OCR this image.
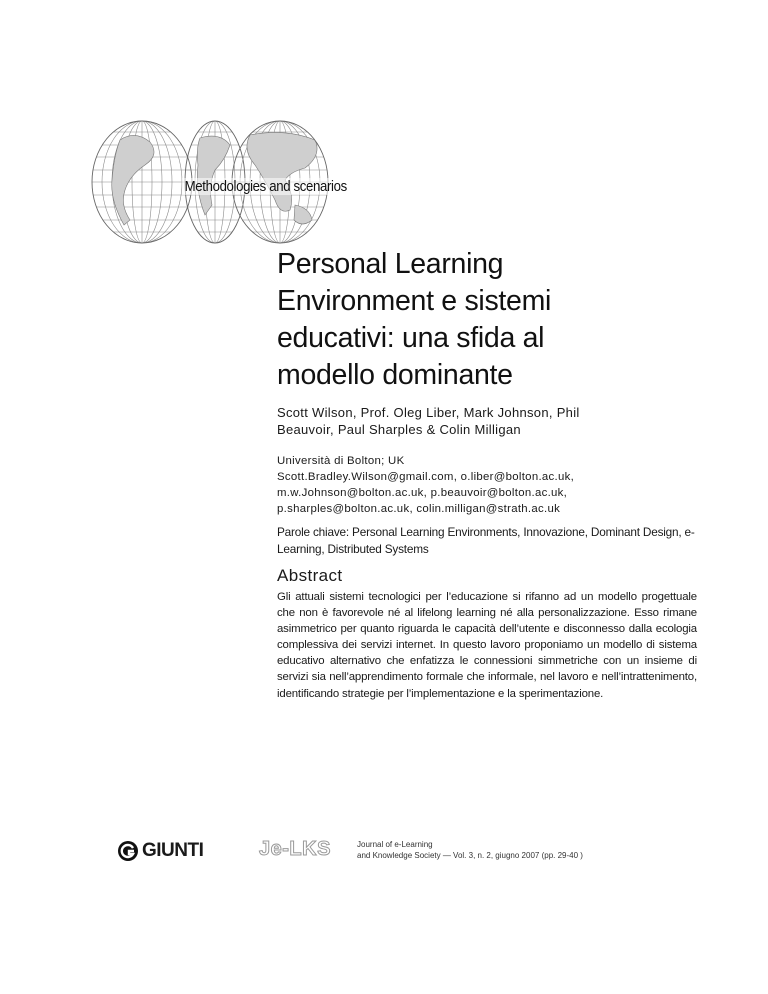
Methodologies and scenarios
Personal Learning
Environment e sistemi
educativi: una sfida al
modello dominante
Scott Wilson, Prof. Oleg Liber, Mark Johnson, Phil Beauvoir, Paul Sharples & Colin Milligan
Università di Bolton; UK
Scott.Bradley.Wilson@gmail.com, o.liber@bolton.ac.uk,
m.w.Johnson@bolton.ac.uk, p.beauvoir@bolton.ac.uk,
p.sharples@bolton.ac.uk, colin.milligan@strath.ac.uk
Parole chiave: Personal Learning Environments, Innovazione, Dominant Design, e-Learning, Distributed Systems
Abstract

Gli attuali sistemi tecnologici per l’educazione si rifanno ad un modello progettuale che non è favorevole né al lifelong learning né alla personalizzazione. Esso rimane asimmetrico per quanto riguarda le capacità dell’utente e disconnesso dalla ecologia complessiva dei servizi internet. In questo lavoro proponiamo un modello di sistema educativo alternativo che enfatizza le connessioni simmetriche con un insieme di servizi sia nell’apprendimento formale che informale, nel lavoro e nell’intrattenimento, identificando strategie per l’implementazione e la sperimentazione.

GIUNTI	Je-LKS	Journal of e-Learning
and Knowledge Society — Vol. 3, n. 2, giugno 2007 (pp. 29-40 )
